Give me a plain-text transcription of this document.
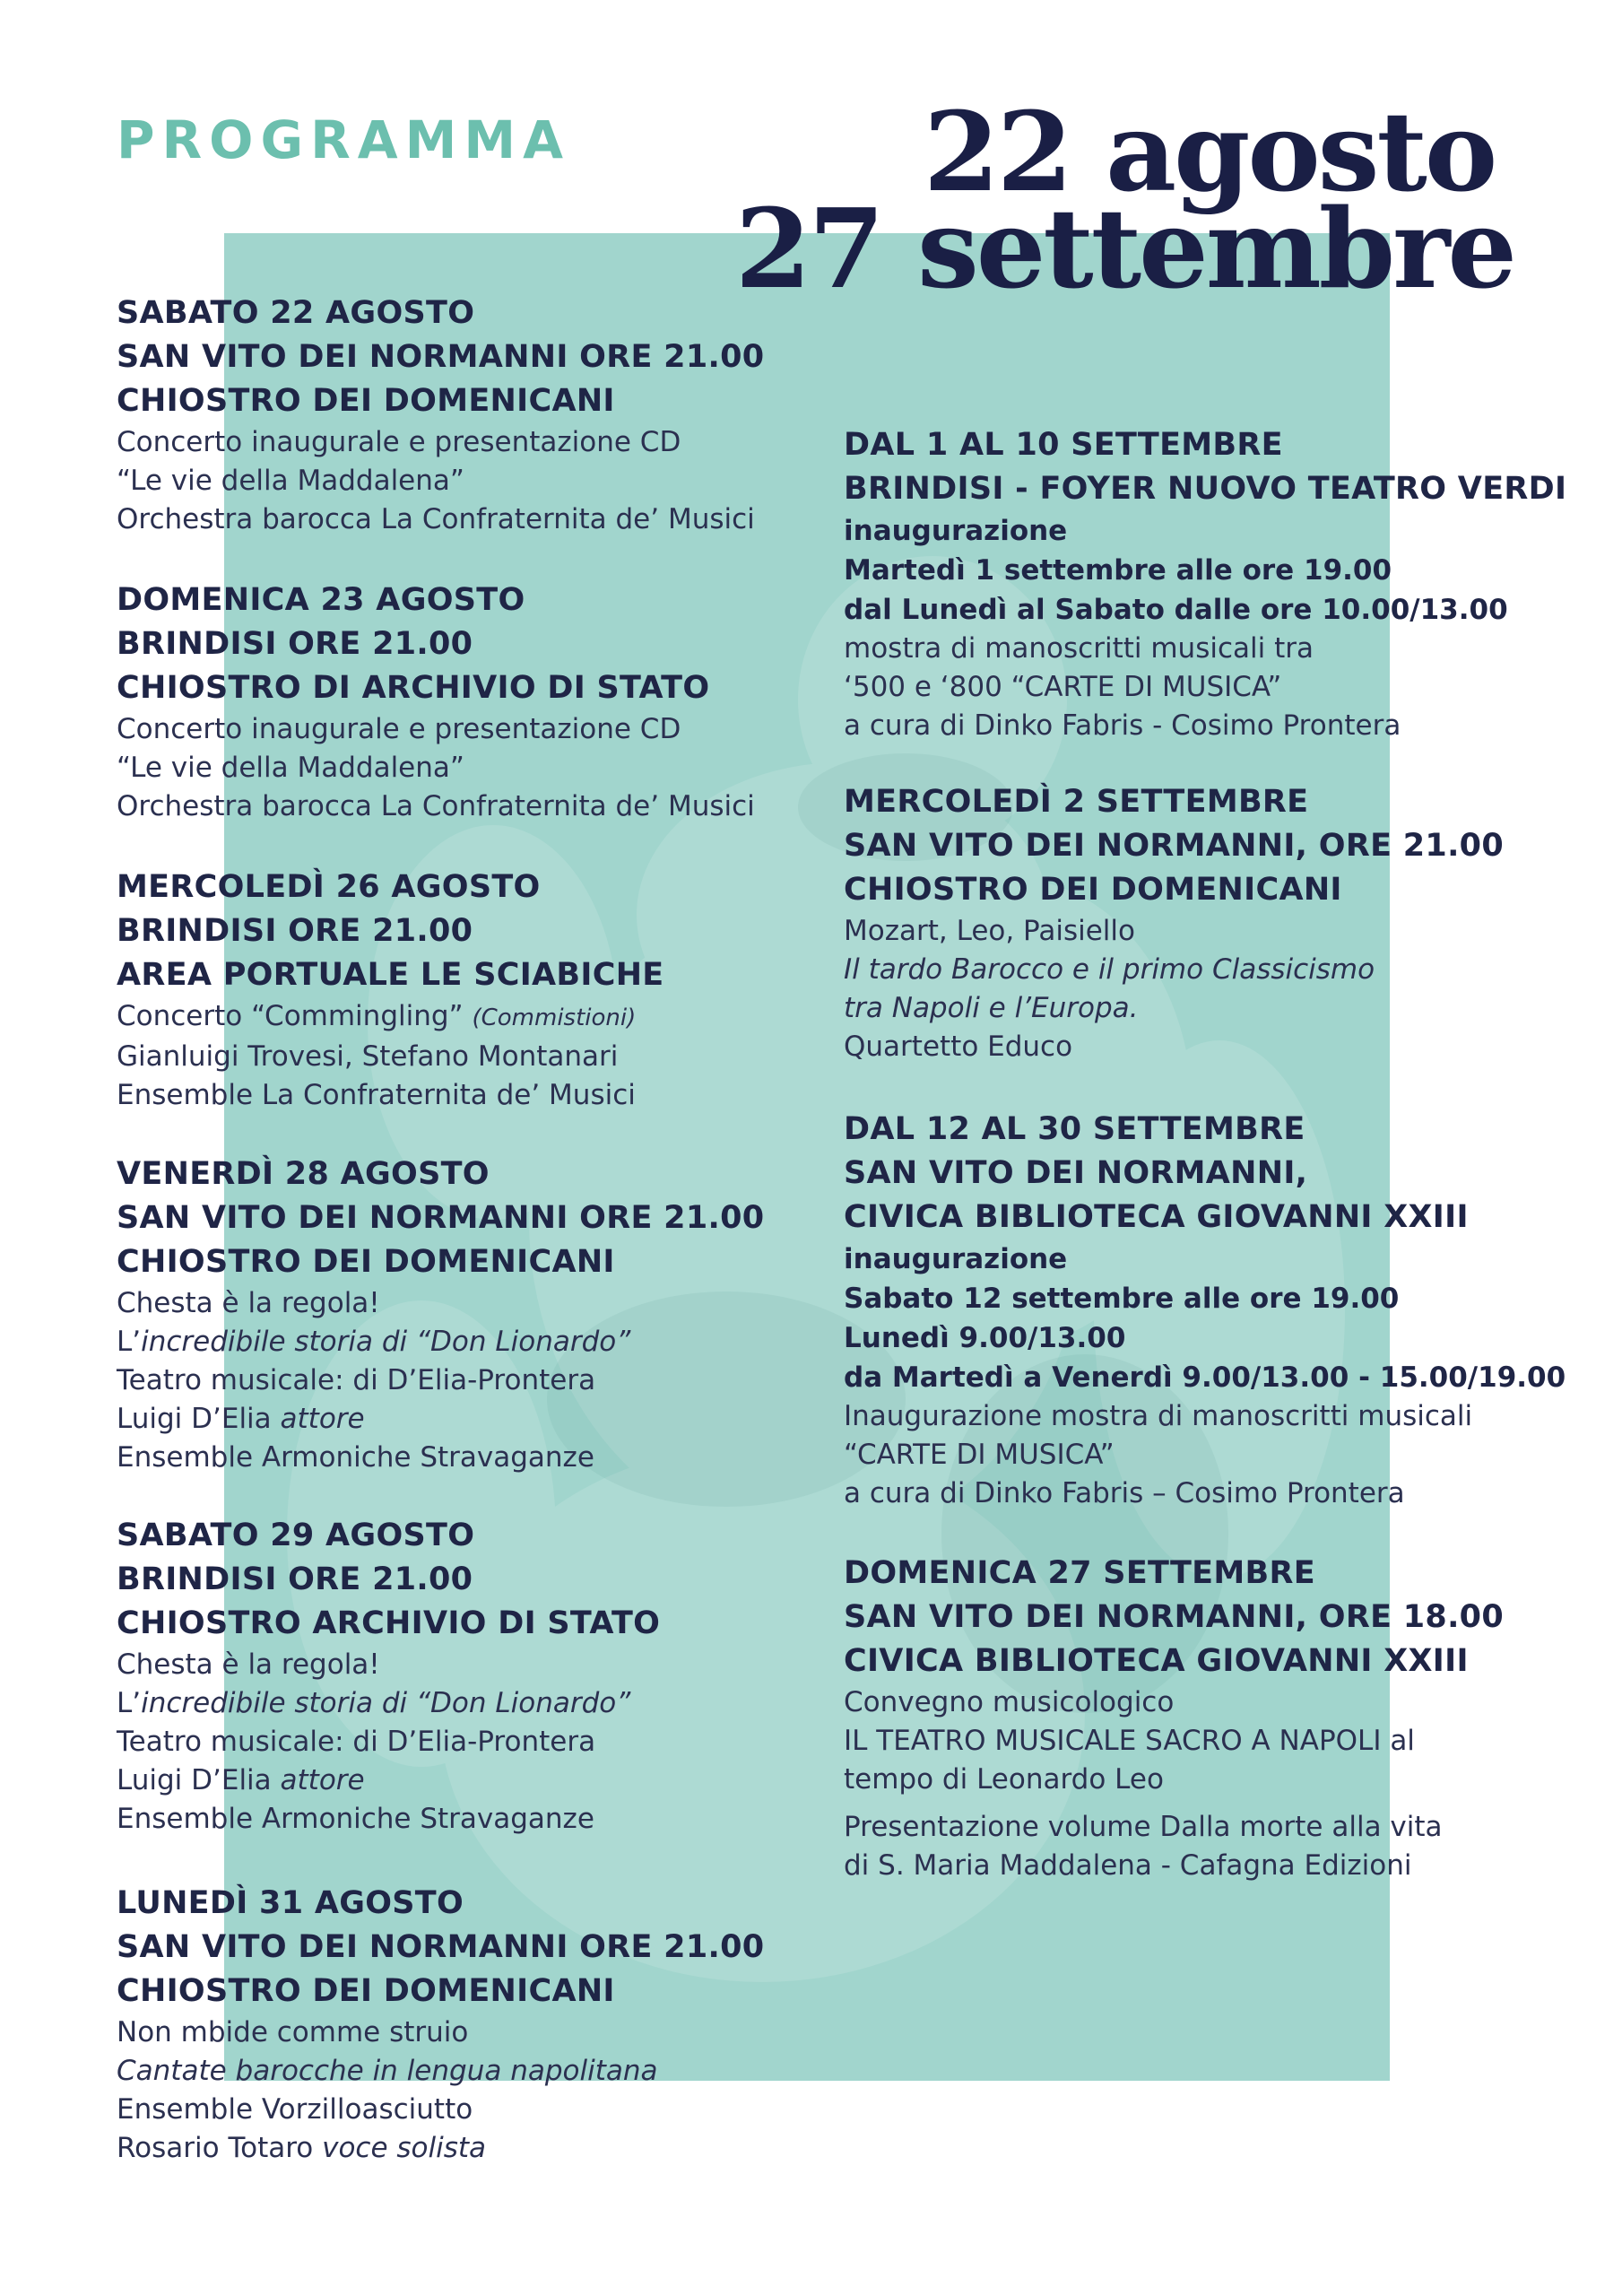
PROGRAMMA	22 agosto
27 settembre
SABATO 22 AGOSTO
SAN VITO DEI NORMANNI ORE 21.00
CHIOSTRO DEI DOMENICANI
Concerto inaugurale e presentazione CD
“Le vie della Maddalena”
Orchestra barocca La Confraternita de’ Musici
DOMENICA 23 AGOSTO
BRINDISI ORE 21.00
CHIOSTRO DI ARCHIVIO DI STATO
Concerto inaugurale e presentazione CD
“Le vie della Maddalena”
Orchestra barocca La Confraternita de’ Musici
MERCOLEDÌ 26 AGOSTO
BRINDISI ORE 21.00
AREA PORTUALE LE SCIABICHE
Concerto “Commingling” (Commistioni)
Gianluigi Trovesi, Stefano Montanari
Ensemble La Confraternita de’ Musici
VENERDÌ 28 AGOSTO
SAN VITO DEI NORMANNI ORE 21.00
CHIOSTRO DEI DOMENICANI
Chesta è la regola!
L’incredibile storia di “Don Lionardo”
Teatro musicale: di D’Elia-Prontera
Luigi D’Elia attore
Ensemble Armoniche Stravaganze
SABATO 29 AGOSTO
BRINDISI ORE 21.00
CHIOSTRO ARCHIVIO DI STATO
Chesta è la regola!
L’incredibile storia di “Don Lionardo”
Teatro musicale: di D’Elia-Prontera
Luigi D’Elia attore
Ensemble Armoniche Stravaganze
LUNEDÌ 31 AGOSTO
SAN VITO DEI NORMANNI ORE 21.00
CHIOSTRO DEI DOMENICANI
Non mbide comme struio
Cantate barocche in lengua napolitana
Ensemble Vorzilloasciutto
Rosario Totaro voce solista
DAL 1 AL 10 SETTEMBRE
BRINDISI - FOYER NUOVO TEATRO VERDI
inaugurazione
Martedì 1 settembre alle ore 19.00
dal Lunedì al Sabato dalle ore 10.00/13.00
mostra di manoscritti musicali tra
‘500 e ‘800 “CARTE DI MUSICA”
a cura di Dinko Fabris - Cosimo Prontera
MERCOLEDÌ 2 SETTEMBRE
SAN VITO DEI NORMANNI, ORE 21.00
CHIOSTRO DEI DOMENICANI
Mozart, Leo, Paisiello
Il tardo Barocco e il primo Classicismo
tra Napoli e l’Europa.
Quartetto Educo
DAL 12 AL 30 SETTEMBRE
SAN VITO DEI NORMANNI,
CIVICA BIBLIOTECA GIOVANNI XXIII
inaugurazione
Sabato 12 settembre alle ore 19.00
Lunedì 9.00/13.00
da Martedì a Venerdì 9.00/13.00 - 15.00/19.00
Inaugurazione mostra di manoscritti musicali
“CARTE DI MUSICA”
a cura di Dinko Fabris – Cosimo Prontera
DOMENICA 27 SETTEMBRE
SAN VITO DEI NORMANNI, ORE 18.00
CIVICA BIBLIOTECA GIOVANNI XXIII
Convegno musicologico
IL TEATRO MUSICALE SACRO A NAPOLI al
tempo di Leonardo Leo
Presentazione volume Dalla morte alla vita
di S. Maria Maddalena - Cafagna Edizioni
